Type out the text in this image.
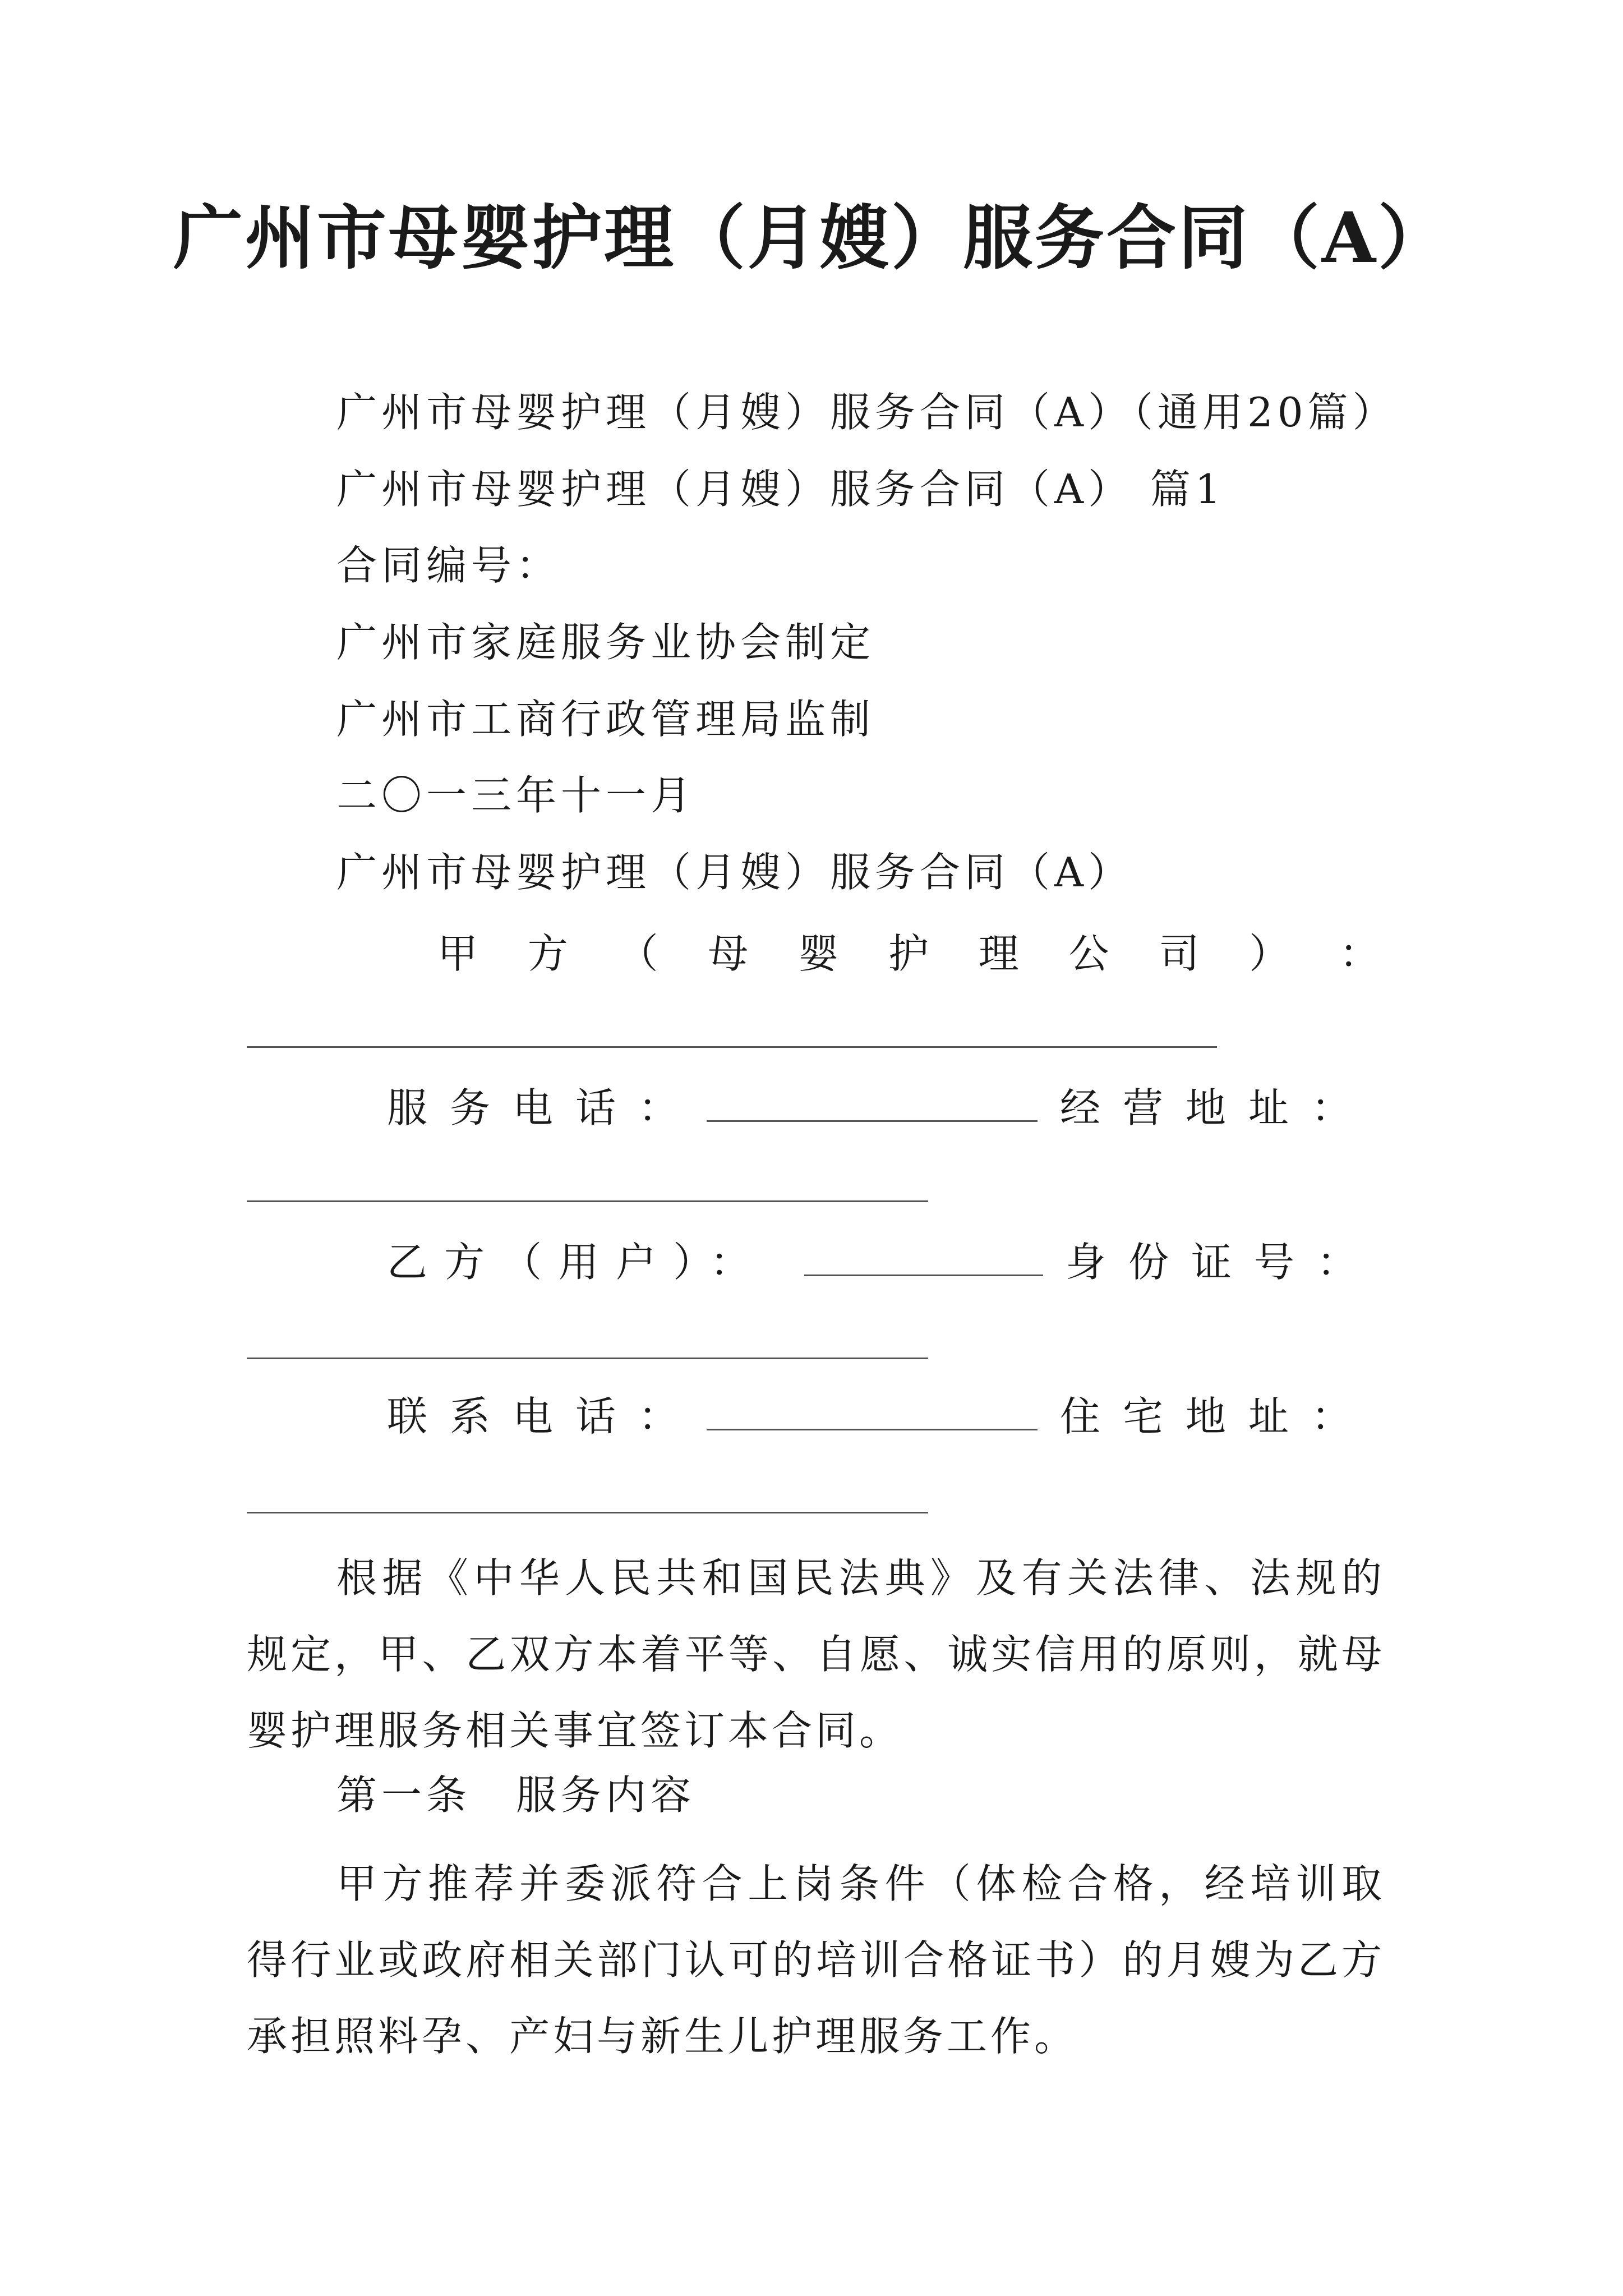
广州市母婴护理（月嫂）服务合同（A）
广州市母婴护理（月嫂）服务合同（A）（通用20篇）
广州市母婴护理（月嫂）服务合同（A） 篇1
合同编号：
广州市家庭服务业协会制定
广州市工商行政管理局监制
二〇一三年十一月
广州市母婴护理（月嫂）服务合同（A）
甲 方 （ 母 婴 护 理 公 司 ） ：
服务电话：	经营地址：
乙方（用户）：	身份证号：
联系电话：	住宅地址：
根据《中华人民共和国民法典》及有关法律、法规的规定，甲、乙双方本着平等、自愿、诚实信用的原则，就母婴护理服务相关事宜签订本合同。
第一条　服务内容
甲方推荐并委派符合上岗条件（体检合格，经培训取得行业或政府相关部门认可的培训合格证书）的月嫂为乙方承担照料孕、产妇与新生儿护理服务工作。
